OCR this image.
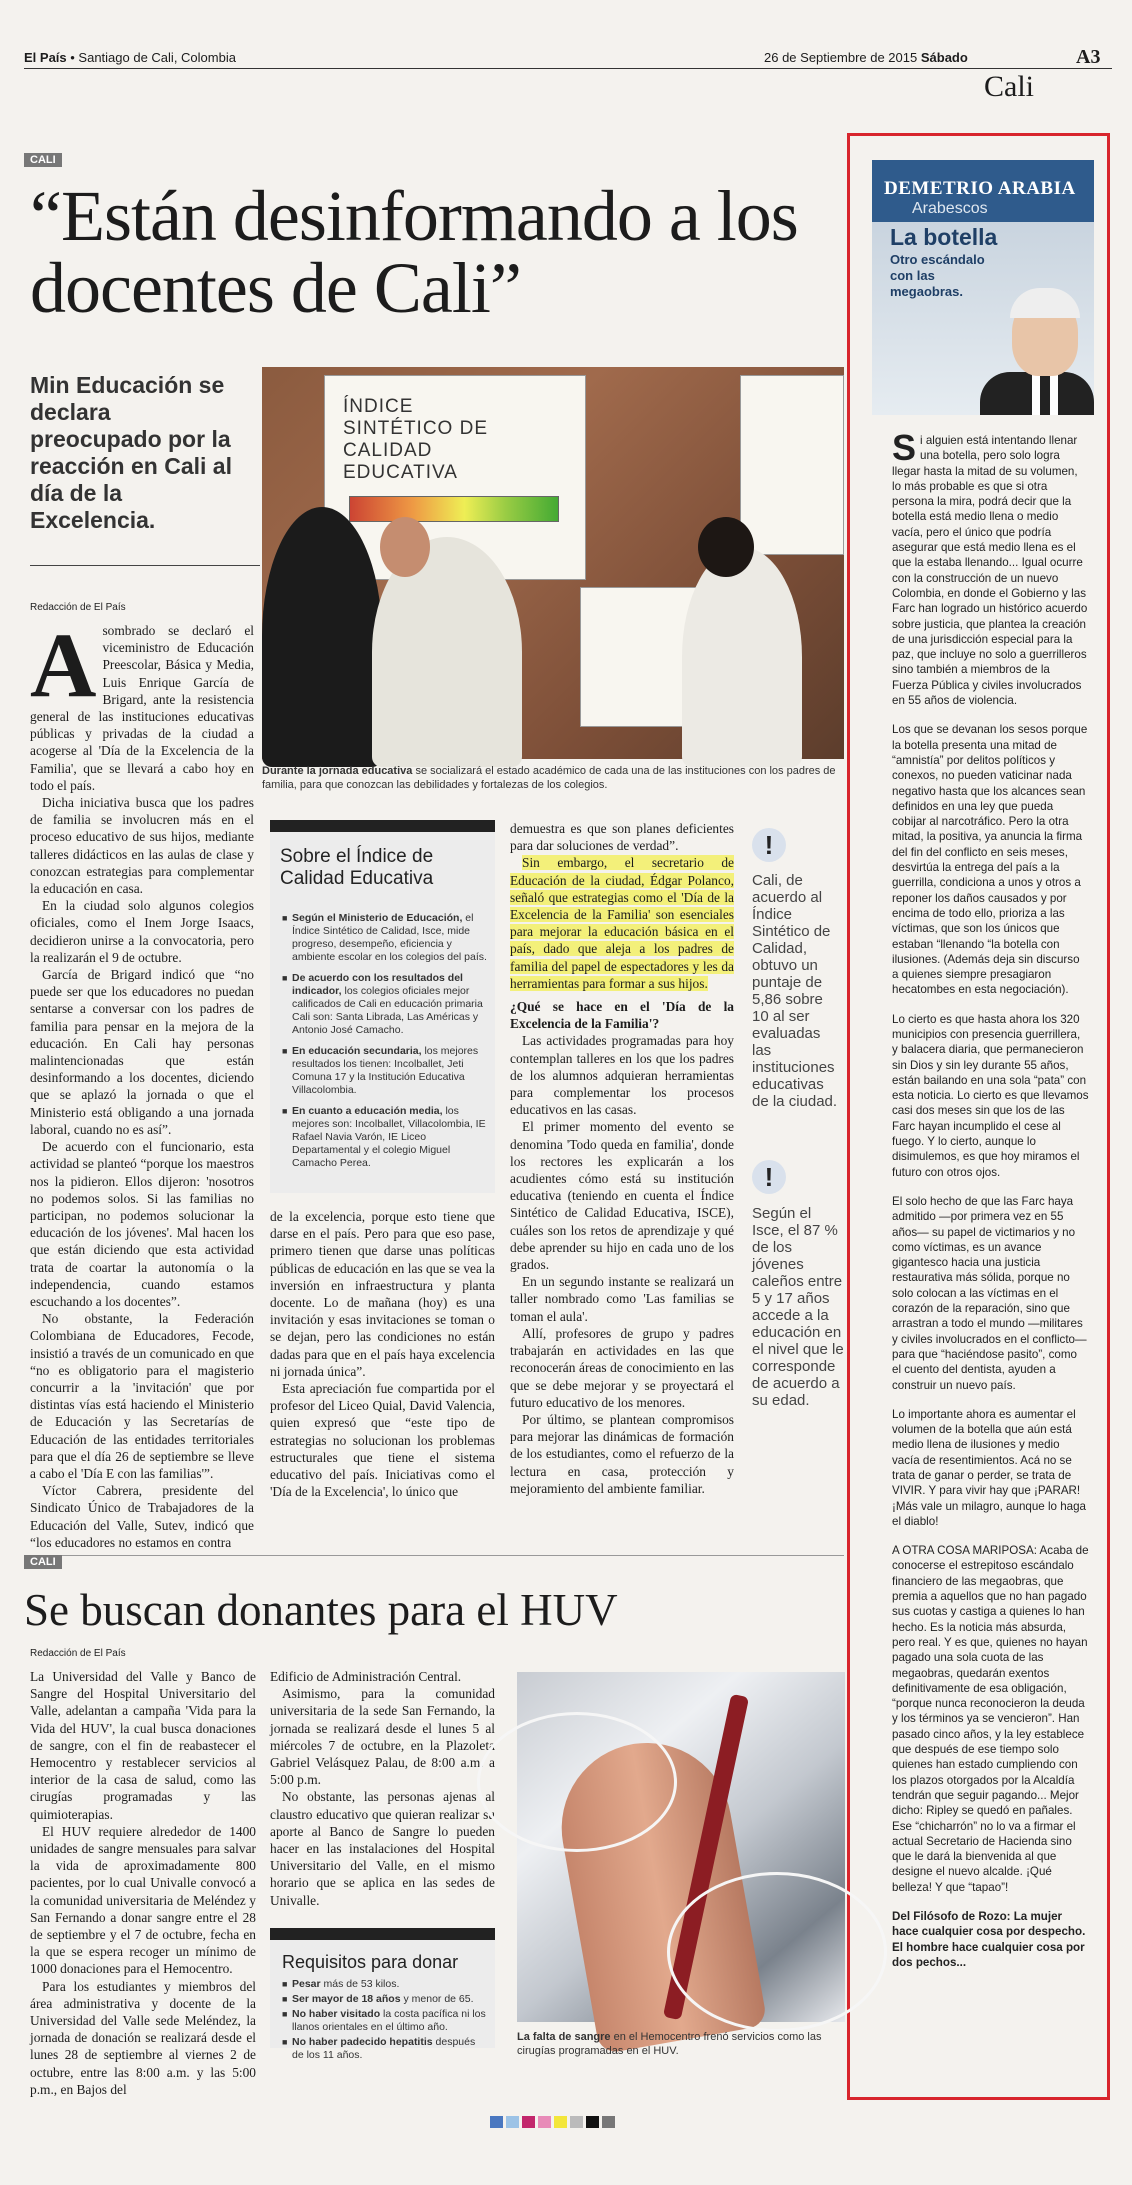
El País • Santiago de Cali, Colombia	26 de Septiembre de 2015 Sábado	A3
Cali
CALI
“Están desinformando a los docentes de Cali”
Min Educación se declara preocupado por la reacción en Cali al día de la Excelencia.
Redacción de El País
A sombrado se declaró el viceministro de Educación Preescolar, Básica y Media, Luis Enrique García de Brigard, ante la resistencia general de las instituciones educativas públicas y privadas de la ciudad a acogerse al 'Día de la Excelencia de la Familia', que se llevará a cabo hoy en todo el país.

Dicha iniciativa busca que los padres de familia se involucren más en el proceso educativo de sus hijos, mediante talleres didácticos en las aulas de clase y conozcan estrategias para complementar la educación en casa.

En la ciudad solo algunos colegios oficiales, como el Inem Jorge Isaacs, decidieron unirse a la convocatoria, pero la realizarán el 9 de octubre.

García de Brigard indicó que “no puede ser que los educadores no puedan sentarse a conversar con los padres de familia para pensar en la mejora de la educación. En Cali hay personas malintencionadas que están desinformando a los docentes, diciendo que se aplazó la jornada o que el Ministerio está obligando a una jornada laboral, cuando no es así”.

De acuerdo con el funcionario, esta actividad se planteó “porque los maestros nos la pidieron. Ellos dijeron: 'nosotros no podemos solos. Si las familias no participan, no podemos solucionar la educación de los jóvenes'. Mal hacen los que están diciendo que esta actividad trata de coartar la autonomía o la independencia, cuando estamos escuchando a los docentes”.

No obstante, la Federación Colombiana de Educadores, Fecode, insistió a través de un comunicado en que “no es obligatorio para el magisterio concurrir a la 'invitación' que por distintas vías está haciendo el Ministerio de Educación y las Secretarías de Educación de las entidades territoriales para que el día 26 de septiembre se lleve a cabo el 'Día E con las familias'”.

Víctor Cabrera, presidente del Sindicato Único de Trabajadores de la Educación del Valle, Sutev, indicó que “los educadores no estamos en contra

ÍNDICE SINTÉTICO DE CALIDAD EDUCATIVA
Durante la jornada educativa se socializará el estado académico de cada una de las instituciones con los padres de familia, para que conozcan las debilidades y fortalezas de los colegios.
Sobre el Índice de Calidad Educativa
■ Según el Ministerio de Educación, el Índice Sintético de Calidad, Isce, mide progreso, desempeño, eficiencia y ambiente escolar en los colegios del país.
■ De acuerdo con los resultados del indicador, los colegios oficiales mejor calificados de Cali en educación primaria Cali son: Santa Librada, Las Américas y Antonio José Camacho.
■ En educación secundaria, los mejores resultados los tienen: Incolballet, Jeti Comuna 17 y la Institución Educativa Villacolombia.
■ En cuanto a educación media, los mejores son: Incolballet, Villacolombia, IE Rafael Navia Varón, IE Liceo Departamental y el colegio Miguel Camacho Perea.

de la excelencia, porque esto tiene que darse en el país. Pero para que eso pase, primero tienen que darse unas políticas públicas de educación en las que se vea la inversión en infraestructura y planta docente. Lo de mañana (hoy) es una invitación y esas invitaciones se toman o se dejan, pero las condiciones no están dadas para que en el país haya excelencia ni jornada única”.

Esta apreciación fue compartida por el profesor del Liceo Quial, David Valencia, quien expresó que “este tipo de estrategias no solucionan los problemas estructurales que tiene el sistema educativo del país. Iniciativas como el 'Día de la Excelencia', lo único que

demuestra es que son planes deficientes para dar soluciones de verdad”.

Sin embargo, el secretario de Educación de la ciudad, Édgar Polanco, señaló que estrategias como el 'Día de la Excelencia de la Familia' son esenciales para mejorar la educación básica en el país, dado que aleja a los padres de familia del papel de espectadores y les da herramientas para formar a sus hijos.

¿Qué se hace en el 'Día de la Excelencia de la Familia'?

Las actividades programadas para hoy contemplan talleres en los que los padres de los alumnos adquieran herramientas para complementar los procesos educativos en las casas.

El primer momento del evento se denomina 'Todo queda en familia', donde los rectores les explicarán a los acudientes cómo está su institución educativa (teniendo en cuenta el Índice Sintético de Calidad Educativa, ISCE), cuáles son los retos de aprendizaje y qué debe aprender su hijo en cada uno de los grados.

En un segundo instante se realizará un taller nombrado como 'Las familias se toman el aula'.

Allí, profesores de grupo y padres trabajarán en actividades en las que reconocerán áreas de conocimiento en las que se debe mejorar y se proyectará el futuro educativo de los menores.

Por último, se plantean compromisos para mejorar las dinámicas de formación de los estudiantes, como el refuerzo de la lectura en casa, protección y mejoramiento del ambiente familiar.

!
Cali, de acuerdo al Índice Sintético de Calidad, obtuvo un puntaje de 5,86 sobre 10 al ser evaluadas las instituciones educativas de la ciudad.
!
Según el Isce, el 87 % de los jóvenes caleños entre 5 y 17 años accede a la educación en el nivel que le corresponde de acuerdo a su edad.
DEMETRIO ARABIA
Arabescos
La botella
Otro escándalo con las megaobras.

Si alguien está intentando llenar una botella, pero solo logra llegar hasta la mitad de su volumen, lo más probable es que si otra persona la mira, podrá decir que la botella está medio llena o medio vacía, pero el único que podría asegurar que está medio llena es el que la estaba llenando... Igual ocurre con la construcción de un nuevo Colombia, en donde el Gobierno y las Farc han logrado un histórico acuerdo sobre justicia, que plantea la creación de una jurisdicción especial para la paz, que incluye no solo a guerrilleros sino también a miembros de la Fuerza Pública y civiles involucrados en 55 años de violencia.

Los que se devanan los sesos porque la botella presenta una mitad de “amnistía” por delitos políticos y conexos, no pueden vaticinar nada negativo hasta que los alcances sean definidos en una ley que pueda cobijar al narcotráfico. Pero la otra mitad, la positiva, ya anuncia la firma del fin del conflicto en seis meses, desvirtúa la entrega del país a la guerrilla, condiciona a unos y otros a reponer los daños causados y por encima de todo ello, prioriza a las víctimas, que son los únicos que estaban “llenando “la botella con ilusiones. (Además deja sin discurso a quienes siempre presagiaron hecatombes en esta negociación).

Lo cierto es que hasta ahora los 320 municipios con presencia guerrillera, y balacera diaria, que permanecieron sin Dios y sin ley durante 55 años, están bailando en una sola “pata” con esta noticia. Lo cierto es que llevamos casi dos meses sin que los de las Farc hayan incumplido el cese al fuego. Y lo cierto, aunque lo disimulemos, es que hoy miramos el futuro con otros ojos.

El solo hecho de que las Farc haya admitido —por primera vez en 55 años— su papel de victimarios y no como víctimas, es un avance gigantesco hacia una justicia restaurativa más sólida, porque no solo colocan a las víctimas en el corazón de la reparación, sino que arrastran a todo el mundo —militares y civiles involucrados en el conflicto— para que “haciéndose pasito”, como el cuento del dentista, ayuden a construir un nuevo país.

Lo importante ahora es aumentar el volumen de la botella que aún está medio llena de ilusiones y medio vacía de resentimientos. Acá no se trata de ganar o perder, se trata de VIVIR. Y para vivir hay que ¡PARAR! ¡Más vale un milagro, aunque lo haga el diablo!

A OTRA COSA MARIPOSA: Acaba de conocerse el estrepitoso escándalo financiero de las megaobras, que premia a aquellos que no han pagado sus cuotas y castiga a quienes lo han hecho. Es la noticia más absurda, pero real. Y es que, quienes no hayan pagado una sola cuota de las megaobras, quedarán exentos definitivamente de esa obligación, “porque nunca reconocieron la deuda y los términos ya se vencieron”. Han pasado cinco años, y la ley establece que después de ese tiempo solo quienes han estado cumpliendo con los plazos otorgados por la Alcaldía tendrán que seguir pagando... Mejor dicho: Ripley se quedó en pañales. Ese “chicharrón” no lo va a firmar el actual Secretario de Hacienda sino que le dará la bienvenida al que designe el nuevo alcalde. ¡Qué belleza! Y que “tapao”!

Del Filósofo de Rozo: La mujer hace cualquier cosa por despecho. El hombre hace cualquier cosa por dos pechos...

CALI
Se buscan donantes para el HUV
Redacción de El País

La Universidad del Valle y Banco de Sangre del Hospital Universitario del Valle, adelantan a campaña 'Vida para la Vida del HUV', la cual busca donaciones de sangre, con el fin de reabastecer el Hemocentro y restablecer servicios al interior de la casa de salud, como las cirugías programadas y las quimioterapias.

El HUV requiere alrededor de 1400 unidades de sangre mensuales para salvar la vida de aproximadamente 800 pacientes, por lo cual Univalle convocó a la comunidad universitaria de Meléndez y San Fernando a donar sangre entre el 28 de septiembre y el 7 de octubre, fecha en la que se espera recoger un mínimo de 1000 donaciones para el Hemocentro.

Para los estudiantes y miembros del área administrativa y docente de la Universidad del Valle sede Meléndez, la jornada de donación se realizará desde el lunes 28 de septiembre al viernes 2 de octubre, entre las 8:00 a.m. y las 5:00 p.m., en Bajos del

Edificio de Administración Central.

Asimismo, para la comunidad universitaria de la sede San Fernando, la jornada se realizará desde el lunes 5 al miércoles 7 de octubre, en la Plazoleta Gabriel Velásquez Palau, de 8:00 a.m. a 5:00 p.m.

No obstante, las personas ajenas al claustro educativo que quieran realizar su aporte al Banco de Sangre lo pueden hacer en las instalaciones del Hospital Universitario del Valle, en el mismo horario que se aplica en las sedes de Univalle.

La falta de sangre en el Hemocentro frenó servicios como las cirugías programadas en el HUV.
Requisitos para donar
■ Pesar más de 53 kilos.
■ Ser mayor de 18 años y menor de 65.
■ No haber visitado la costa pacífica ni los llanos orientales en el último año.
■ No haber padecido hepatitis después de los 11 años.
